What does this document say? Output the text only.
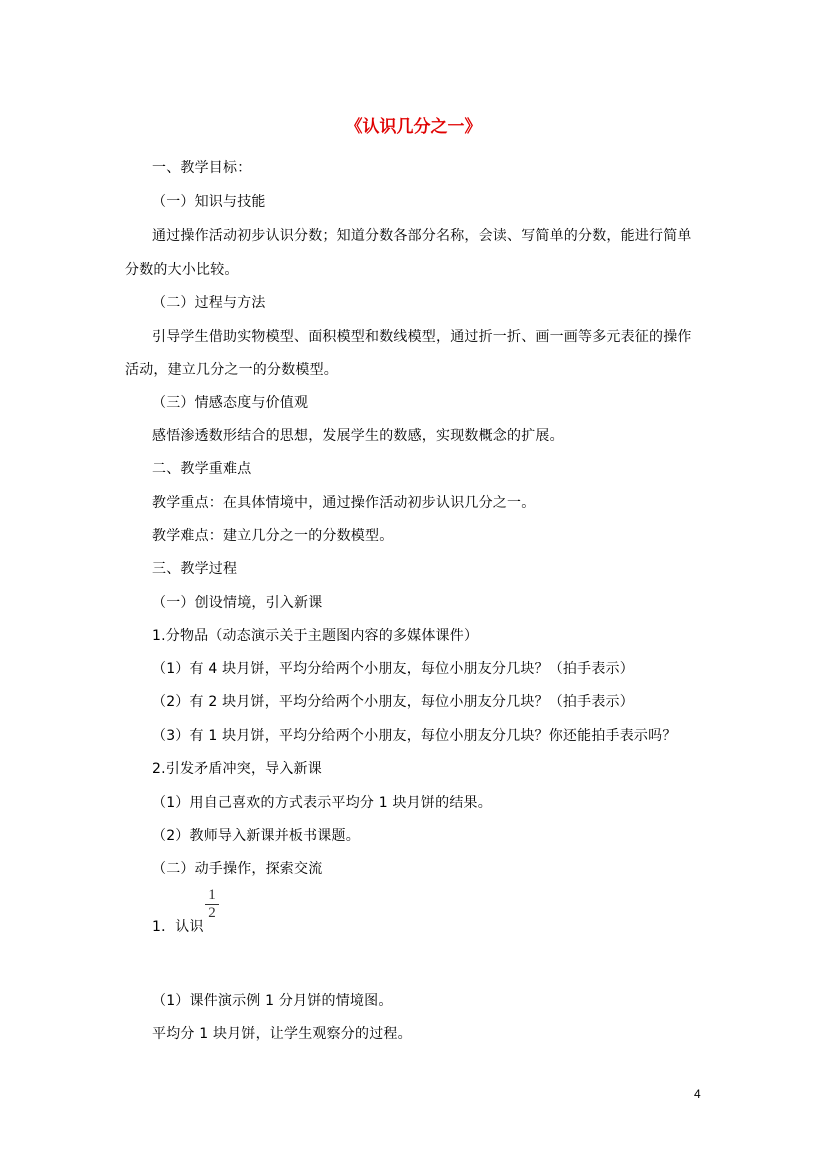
《认识几分之一》
一、教学目标：
（一）知识与技能
通过操作活动初步认识分数；知道分数各部分名称，会读、写简单的分数，能进行简单
分数的大小比较。
（二）过程与方法
引导学生借助实物模型、面积模型和数线模型，通过折一折、画一画等多元表征的操作
活动，建立几分之一的分数模型。
（三）情感态度与价值观
感悟渗透数形结合的思想，发展学生的数感，实现数概念的扩展。
二、教学重难点
教学重点：在具体情境中，通过操作活动初步认识几分之一。
教学难点：建立几分之一的分数模型。
三、教学过程
（一）创设情境，引入新课
1.分物品（动态演示关于主题图内容的多媒体课件）
（1）有 4 块月饼，平均分给两个小朋友，每位小朋友分几块？（拍手表示）
（2）有 2 块月饼，平均分给两个小朋友，每位小朋友分几块？（拍手表示）
（3）有 1 块月饼，平均分给两个小朋友，每位小朋友分几块？你还能拍手表示吗？
2.引发矛盾冲突，导入新课
（1）用自己喜欢的方式表示平均分 1 块月饼的结果。
（2）教师导入新课并板书课题。
（二）动手操作，探索交流
1．认识
1
2
（1）课件演示例 1 分月饼的情境图。
平均分 1 块月饼，让学生观察分的过程。
4
